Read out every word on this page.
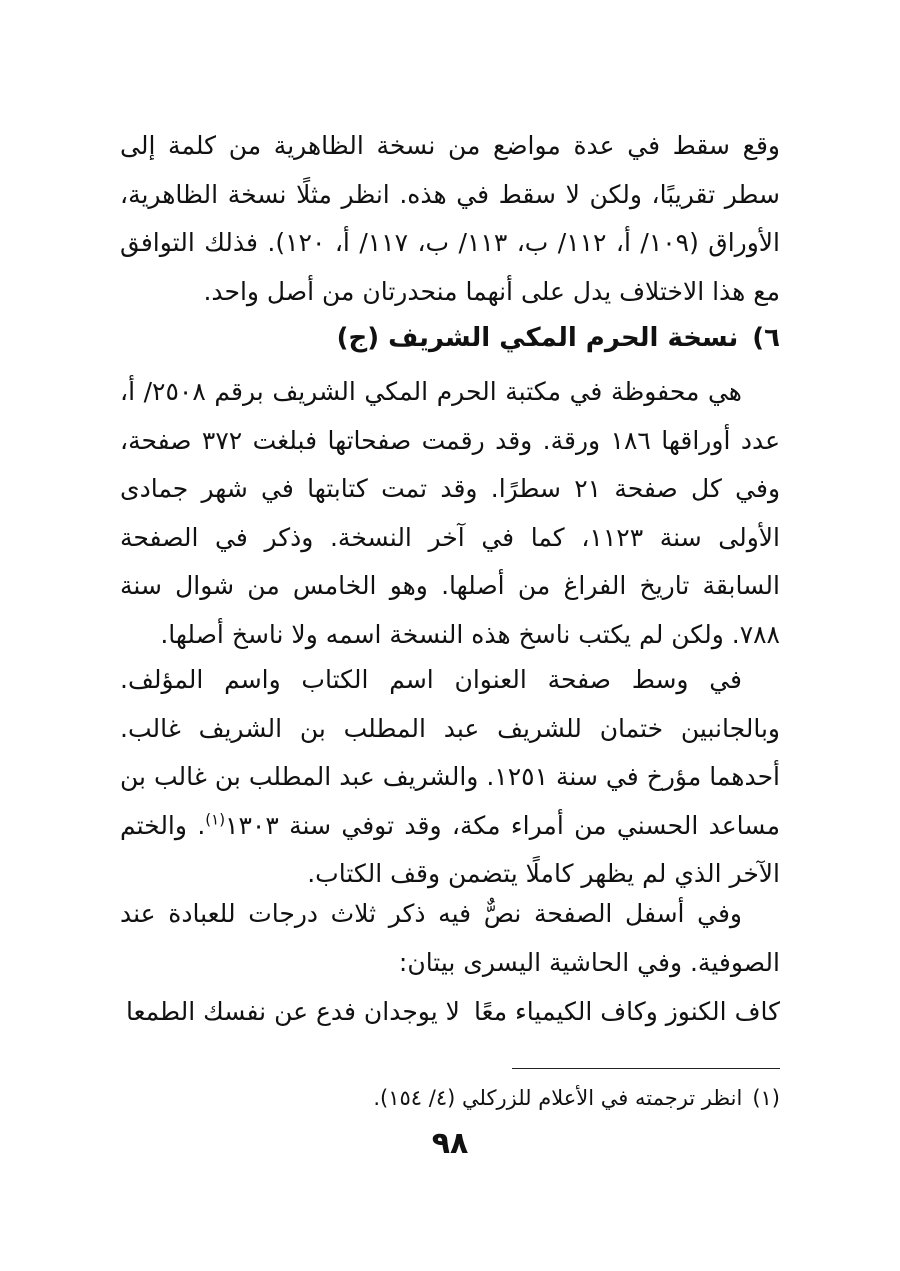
وقع سقط في عدة مواضع من نسخة الظاهرية من كلمة إلى سطر تقريبًا، ولكن لا سقط في هذه. انظر مثلًا نسخة الظاهرية، الأوراق (١٠٩/ أ، ١١٢/ ب، ١١٣/ ب، ١١٧/ أ، ١٢٠). فذلك التوافق مع هذا الاختلاف يدل على أنهما منحدرتان من أصل واحد.

٦)نسخة الحرم المكي الشريف (ج)

هي محفوظة في مكتبة الحرم المكي الشريف برقم ٢٥٠٨/ أ، عدد أوراقها ١٨٦ ورقة. وقد رقمت صفحاتها فبلغت ٣٧٢ صفحة، وفي كل صفحة ٢١ سطرًا. وقد تمت كتابتها في شهر جمادى الأولى سنة ١١٢٣، كما في آخر النسخة. وذكر في الصفحة السابقة تاريخ الفراغ من أصلها. وهو الخامس من شوال سنة ٧٨٨. ولكن لم يكتب ناسخ هذه النسخة اسمه ولا ناسخ أصلها.

في وسط صفحة العنوان اسم الكتاب واسم المؤلف. وبالجانبين ختمان للشريف عبد المطلب بن الشريف غالب. أحدهما مؤرخ في سنة ١٢٥١. والشريف عبد المطلب بن غالب بن مساعد الحسني من أمراء مكة، وقد توفي سنة ١٣٠٣$^{(١)}$. والختم الآخر الذي لم يظهر كاملًا يتضمن وقف الكتاب.

وفي أسفل الصفحة نصٌّ فيه ذكر ثلاث درجات للعبادة عند الصوفية. وفي الحاشية اليسرى بيتان:

كاف الكنوز وكاف الكيمياء معًا
لا يوجدان فدع عن نفسك الطمعا

(١)انظر ترجمته في الأعلام للزركلي (٤/ ١٥٤).

٩٨
